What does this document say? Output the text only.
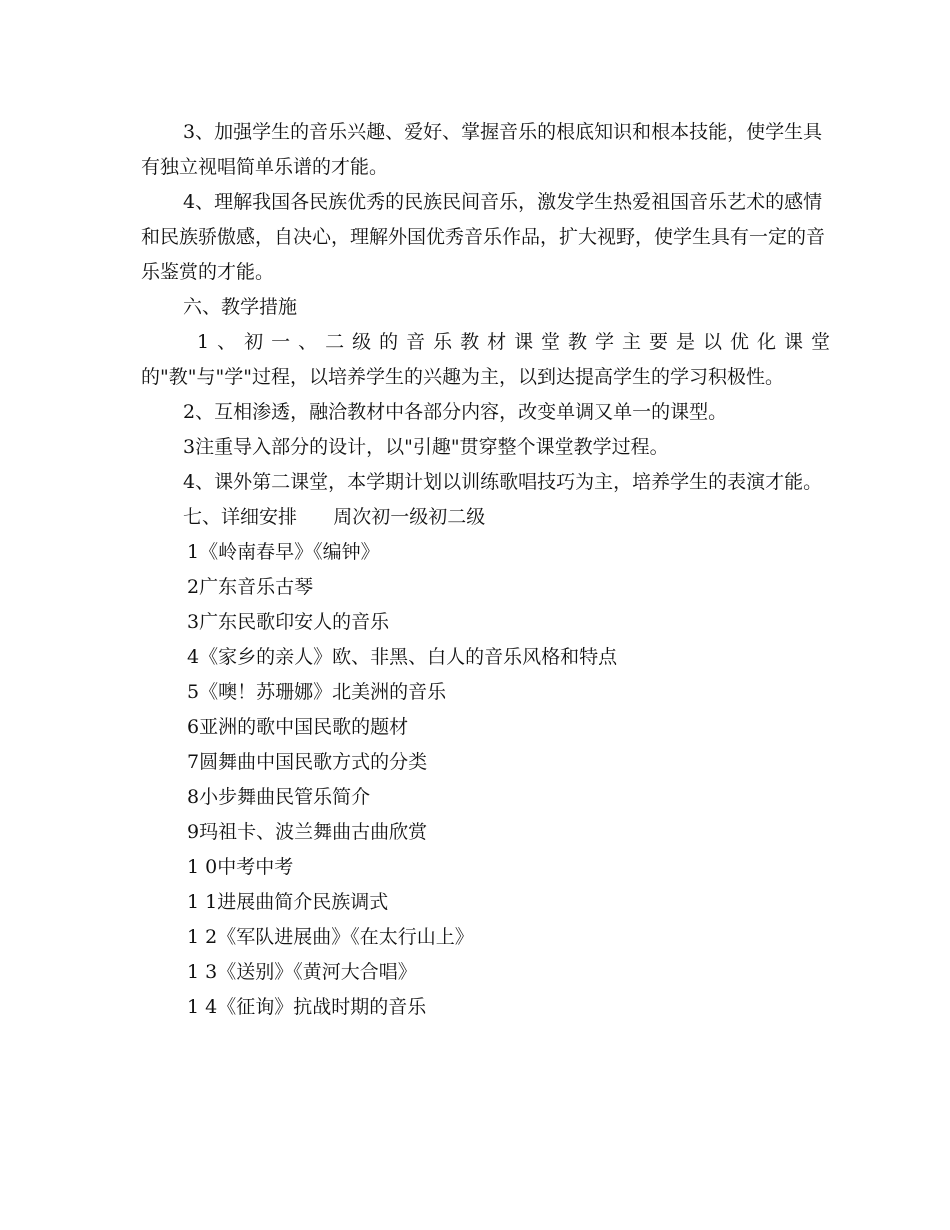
3、加强学生的音乐兴趣、爱好、掌握音乐的根底知识和根本技能，使学生具有独立视唱简单乐谱的才能。

4、理解我国各民族优秀的民族民间音乐，激发学生热爱祖国音乐艺术的感情和民族骄傲感，自决心，理解外国优秀音乐作品，扩大视野，使学生具有一定的音乐鉴赏的才能。

六、教学措施

1、初一、二级的音乐教材课堂教学主要是以优化课堂

的"教"与"学"过程，以培养学生的兴趣为主，以到达提高学生的学习积极性。

2、互相渗透，融洽教材中各部分内容，改变单调又单一的课型。

3注重导入部分的设计，以"引趣"贯穿整个课堂教学过程。

4、课外第二课堂，本学期计划以训练歌唱技巧为主，培养学生的表演才能。

七、详细安排      周次初一级初二级

1《岭南春早》《编钟》

2广东音乐古琴

3广东民歌印安人的音乐

4《家乡的亲人》欧、非黑、白人的音乐风格和特点

5《噢！苏珊娜》北美洲的音乐

6亚洲的歌中国民歌的题材

7圆舞曲中国民歌方式的分类

8小步舞曲民管乐简介

9玛祖卡、波兰舞曲古曲欣赏

1 0中考中考

1 1进展曲简介民族调式

1 2《军队进展曲》《在太行山上》

1 3《送别》《黄河大合唱》

1 4《征询》抗战时期的音乐
